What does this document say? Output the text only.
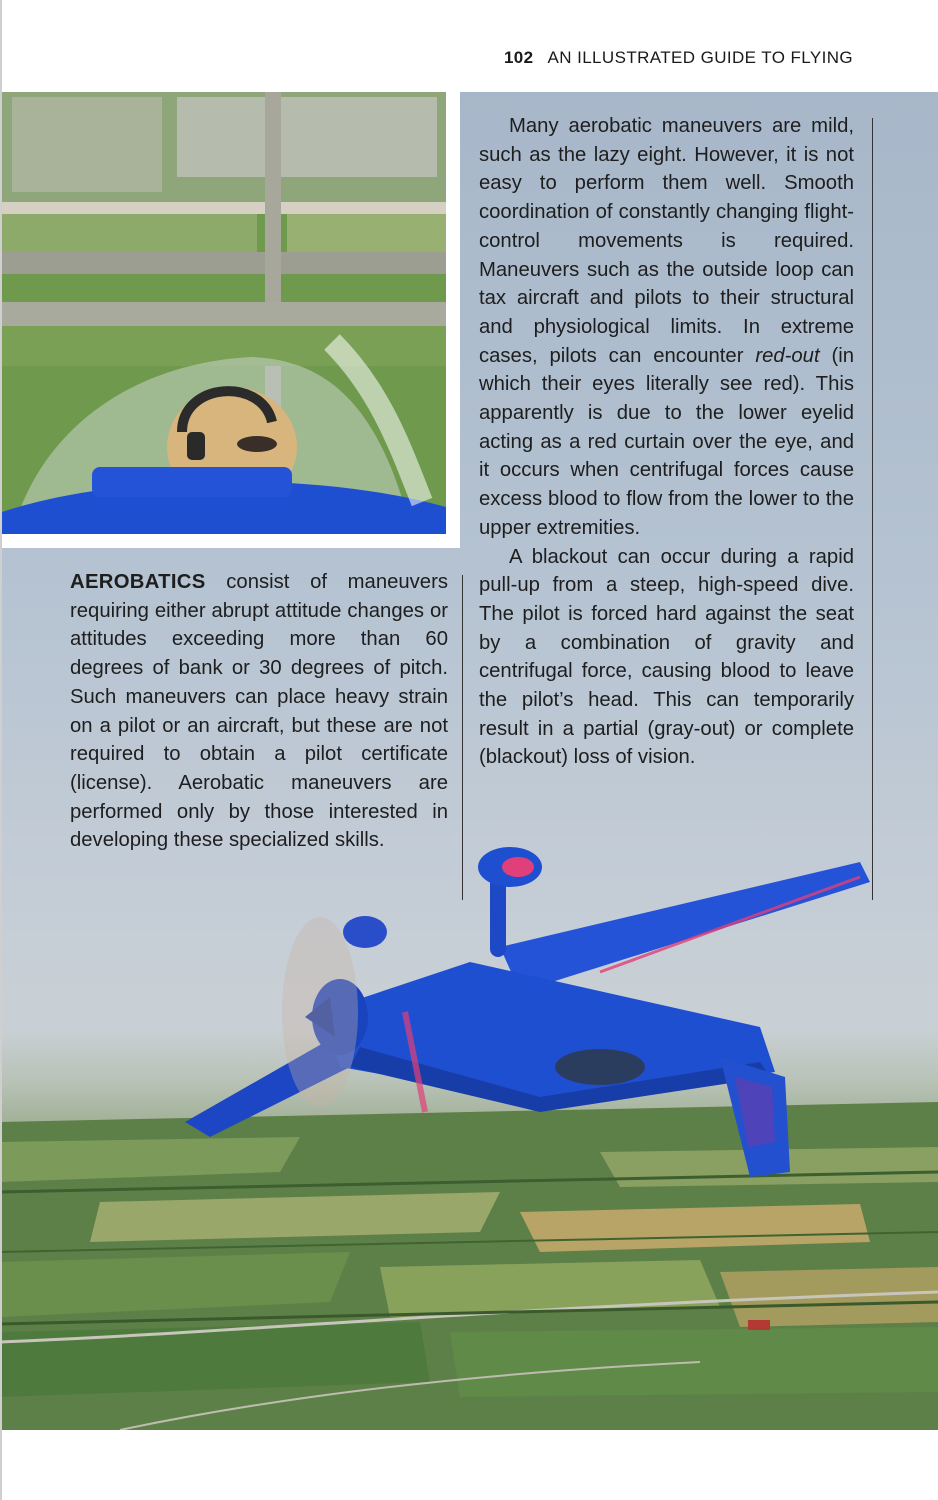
102 AN ILLUSTRATED GUIDE TO FLYING

Many aerobatic maneuvers are mild, such as the lazy eight. However, it is not easy to perform them well. Smooth coordination of constantly changing flight-control movements is required. Maneuvers such as the outside loop can tax aircraft and pilots to their structural and physiological limits. In extreme cases, pilots can encounter red-out (in which their eyes literally see red). This apparently is due to the lower eyelid acting as a red curtain over the eye, and it occurs when centrifugal forces cause excess blood to flow from the lower to the upper extremities.

A blackout can occur during a rapid pull-up from a steep, high-speed dive. The pilot is forced hard against the seat by a combination of gravity and centrifugal force, causing blood to leave the pilot’s head. This can temporarily result in a partial (gray-out) or complete (blackout) loss of vision.

AEROBATICS consist of maneuvers requiring either abrupt attitude changes or attitudes exceeding more than 60 degrees of bank or 30 degrees of pitch. Such maneuvers can place heavy strain on a pilot or an aircraft, but these are not required to obtain a pilot certificate (license). Aerobatic maneuvers are performed only by those interested in developing these specialized skills.
